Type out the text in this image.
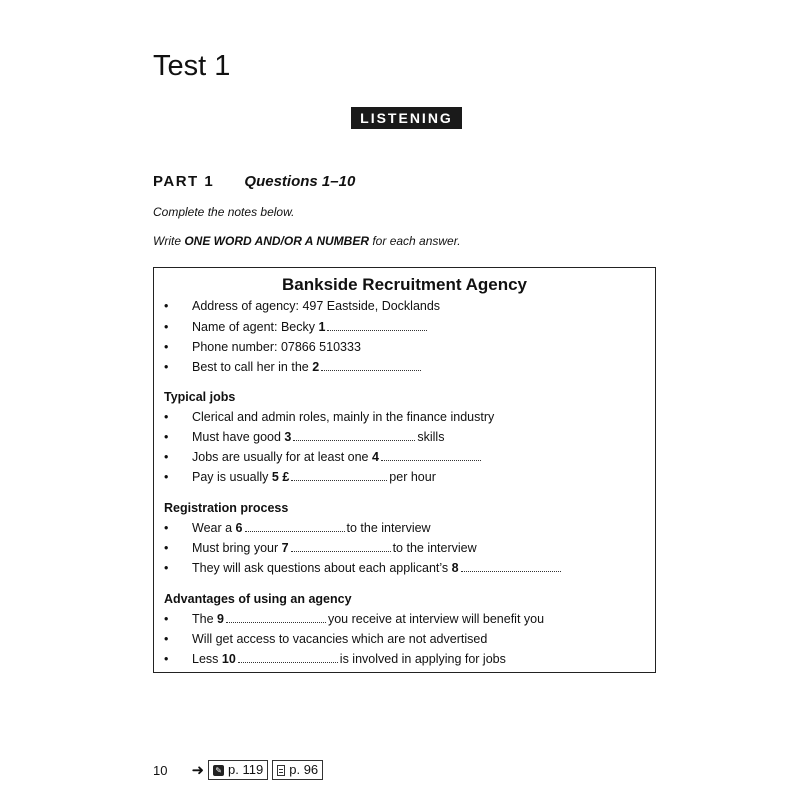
Test 1
LISTENING
PART 1 Questions 1–10
Complete the notes below.
Write ONE WORD AND/OR A NUMBER for each answer.
Bankside Recruitment Agency
• Address of agency: 497 Eastside, Docklands
• Name of agent: Becky 1
• Phone number: 07866 510333
• Best to call her in the 2
Typical jobs
• Clerical and admin roles, mainly in the finance industry
• Must have good 3	skills
• Jobs are usually for at least one 4
• Pay is usually 5 £	per hour
Registration process
• Wear a 6	to the interview
• Must bring your 7	to the interview
• They will ask questions about each applicant’s 8
Advantages of using an agency
• The 9	you receive at interview will benefit you
• Will get access to vacancies which are not advertised
• Less 10	is involved in applying for jobs
10 ➜ ✎ p. 119 p. 96
